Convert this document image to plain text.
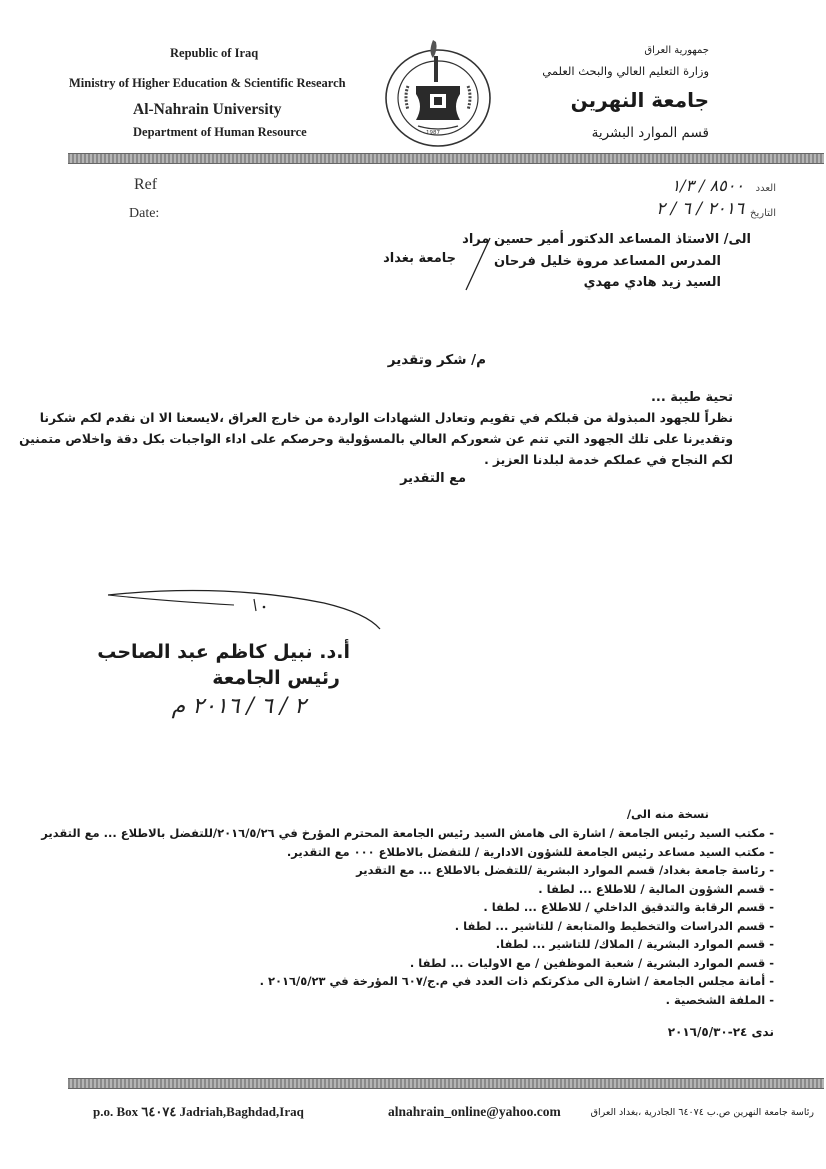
Republic of Iraq
Ministry of Higher Education & Scientific Research
Al-Nahrain University
Department of Human Resource	1987
جمهورية العراق
وزارة التعليم العالي والبحث العلمي
جامعة النهرين
قسم الموارد البشرية
Ref
Date:
العدد
التاريخ
٨٥٠٠ / ١/٣
٢٠١٦ / ٦ / ٢
الى/ الاستاذ المساعد الدكتور أمير حسين مراد
المدرس المساعد مروة خليل فرحان
السيد زيد هادي مهدي
جامعة بغداد
م/ شكر وتقدير
تحية طيبة ...
نظراً للجهود المبذولة من قبلكم في تقويم وتعادل الشهادات الواردة من خارج العراق ،لايسعنا الا ان نقدم لكم شكرنا
وتقديرنا على تلك الجهود التي تنم عن شعوركم العالي بالمسؤولية وحرصكم على اداء الواجبات بكل دقة واخلاص متمنين
لكم النجاح في عملكم خدمة لبلدنا العزيز .
مع التقدير
أ.د. نبيل كاظم عبد الصاحب
رئيس الجامعة
٢ / ٦ / ٢٠١٦ م
نسخة منه الى/
- مكتب السيد رئيس الجامعة / اشارة الى هامش السيد رئيس الجامعة المحترم المؤرخ في ٢٠١٦/٥/٢٦/للتفضل بالاطلاع ... مع التقدير
- مكتب السيد مساعد رئيس الجامعة للشؤون الادارية / للتفضل بالاطلاع ٠٠٠ مع التقدير.
- رئاسة جامعة بغداد/ قسم الموارد البشرية /للتفضل بالاطلاع ... مع التقدير
- قسم الشؤون المالية / للاطلاع ... لطفا .
- قسم الرقابة والتدقيق الداخلي / للاطلاع ... لطفا .
- قسم الدراسات والتخطيط والمتابعة / للتاشير ... لطفا .
- قسم الموارد البشرية / الملاك/ للتاشير ... لطفا.
- قسم الموارد البشرية / شعبة الموظفين / مع الاوليات ... لطفا .
- أمانة مجلس الجامعة / اشارة الى مذكرتكم ذات العدد في م.ج/٦٠٧ المؤرخة في ٢٠١٦/٥/٢٣ .
- الملفة الشخصية .
ندى ٢٤-٢٠١٦/٥/٣٠
p.o. Box ٦٤٠٧٤ Jadriah,Baghdad,Iraq	alnahrain_online@yahoo.com	رئاسة جامعة النهرين ص.ب ٦٤٠٧٤ الجادرية ،بغداد العراق
